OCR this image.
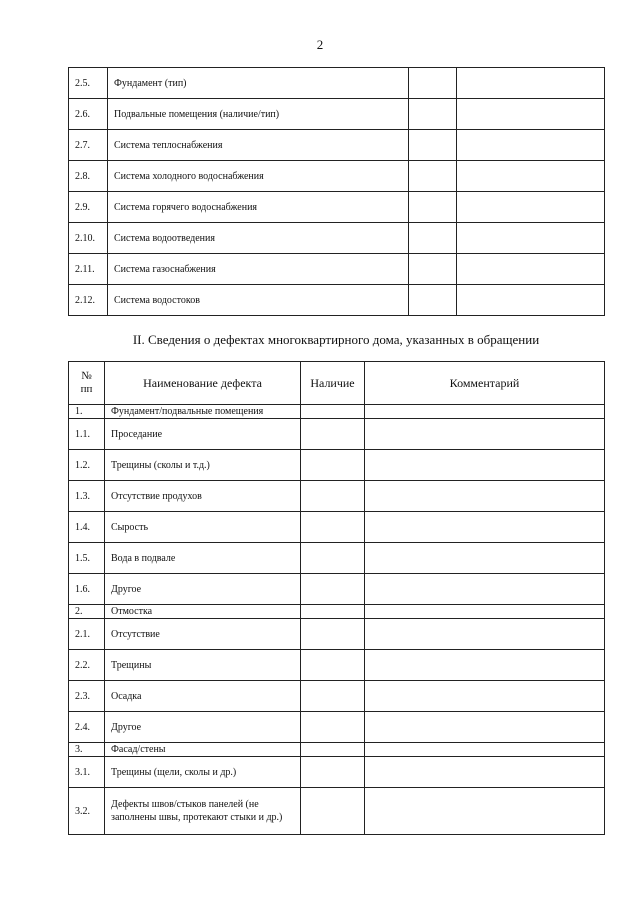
2
2.5.	Фундамент (тип)		
2.6.	Подвальные помещения (наличие/тип)		
2.7.	Система теплоснабжения		
2.8.	Система холодного водоснабжения		
2.9.	Система горячего водоснабжения		
2.10.	Система водоотведения		
2.11.	Система газоснабжения		
2.12.	Система водостоков		
II. Сведения о дефектах многоквартирного дома, указанных в обращении
№
пп	Наименование дефекта	Наличие	Комментарий
1.	Фундамент/подвальные помещения		
1.1.	Проседание		
1.2.	Трещины (сколы и т.д.)		
1.3.	Отсутствие продухов		
1.4.	Сырость		
1.5.	Вода в подвале		
1.6.	Другое		
2.	Отмостка		
2.1.	Отсутствие		
2.2.	Трещины		
2.3.	Осадка		
2.4.	Другое		
3.	Фасад/стены		
3.1.	Трещины (щели, сколы и др.)		
3.2.	Дефекты швов/стыков панелей (не заполнены швы, протекают стыки и др.)		
